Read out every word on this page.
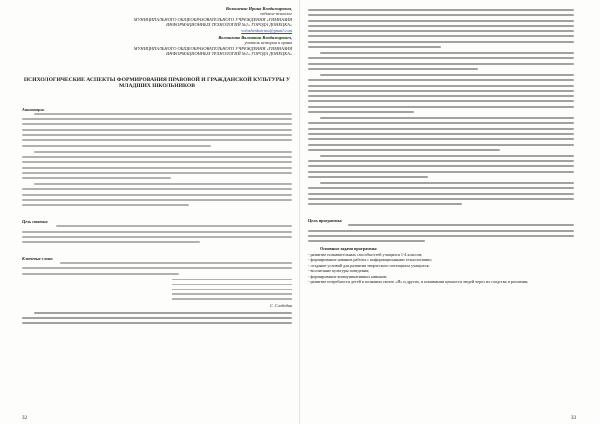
Волошенко Ирина Владимировна,
педагог-психолог
МУНИЦИПАЛЬНОГО ОБЩЕОБРАЗОВАТЕЛЬНОГО УЧРЕЖДЕНИЯ «ГИМНАЗИЯ ИНФОРМАЦИОННЫХ ТЕХНОЛОГИЙ №1» ГОРОДА ДОНЕЦКА»
voloshenkoirina@gmail.com
Волошенко Валентин Владимирович,
учитель истории и права
МУНИЦИПАЛЬНОГО ОБЩЕОБРАЗОВАТЕЛЬНОГО УЧРЕЖДЕНИЯ «ГИМНАЗИЯ ИНФОРМАЦИОННЫХ ТЕХНОЛОГИЙ №1» ГОРОДА ДОНЕЦКА»
ПСИХОЛОГИЧЕСКИЕ АСПЕКТЫ ФОРМИРОВАНИЯ ПРАВОВОЙ И ГРАЖДАНСКОЙ КУЛЬТУРЫ У МЛАДШИХ ШКОЛЬНИКОВ
Аннотация.
Цель статьи:
Ключевые слова:
С. Слободин
32
Цель программы:
Основные задачи программы:
- развитие познавательных способностей учащихся 1-4 классов;
- формирование навыков работы с информационными технологиями;
- создание условий для развития творческого потенциала учащихся;
- воспитание культуры поведения;
- формирование коммуникативных навыков;
- развитие потребности детей в познании своего «Я» и других, в понимании ценности людей через их сходства и различия;
33
